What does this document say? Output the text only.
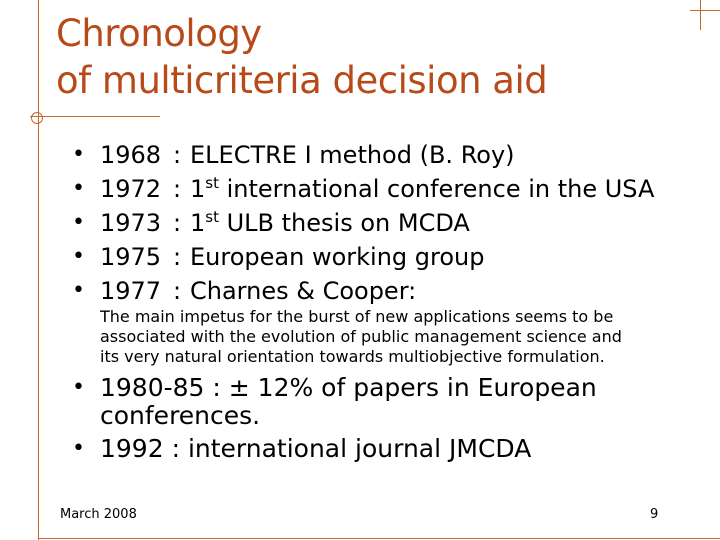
Chronology
of multicriteria decision aid
• 1968 : ELECTRE I method (B. Roy)
• 1972 : 1st international conference in the USA
• 1973 : 1st ULB thesis on MCDA
• 1975 : European working group
• 1977 : Charnes & Cooper:
The main impetus for the burst of new applications seems to be
associated with the evolution of public management science and
its very natural orientation towards multiobjective formulation.
• 1980-85 : ± 12% of papers in European
conferences.
• 1992 : international journal JMCDA
March 2008	9
